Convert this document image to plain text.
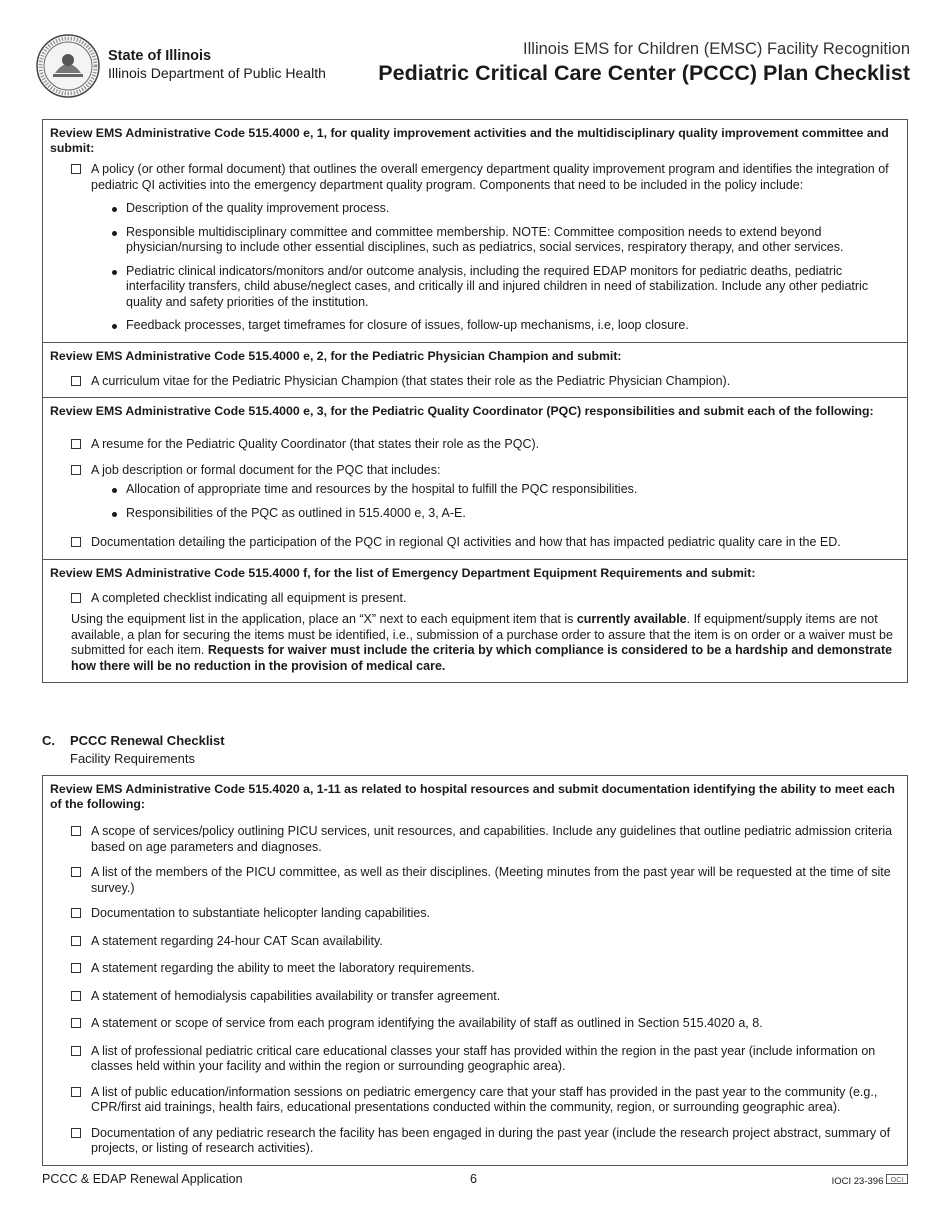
State of Illinois
Illinois Department of Public Health
Illinois EMS for Children (EMSC) Facility Recognition
Pediatric Critical Care Center (PCCC) Plan Checklist
Review EMS Administrative Code 515.4000 e, 1, for quality improvement activities and the multidisciplinary quality improvement committee and submit:
A policy (or other formal document) that outlines the overall emergency department quality improvement program and identifies the integration of pediatric QI activities into the emergency department quality program. Components that need to be included in the policy include:
Description of the quality improvement process.
Responsible multidisciplinary committee and committee membership. NOTE: Committee composition needs to extend beyond physician/nursing to include other essential disciplines, such as pediatrics, social services, respiratory therapy, and other services.
Pediatric clinical indicators/monitors and/or outcome analysis, including the required EDAP monitors for pediatric deaths, pediatric interfacility transfers, child abuse/neglect cases, and critically ill and injured children in need of stabilization. Include any other pediatric quality and safety priorities of the institution.
Feedback processes, target timeframes for closure of issues, follow-up mechanisms, i.e, loop closure.
Review EMS Administrative Code 515.4000 e, 2, for the Pediatric Physician Champion and submit:
A curriculum vitae for the Pediatric Physician Champion (that states their role as the Pediatric Physician Champion).
Review EMS Administrative Code 515.4000 e, 3, for the Pediatric Quality Coordinator (PQC) responsibilities and submit each of the following:
A resume for the Pediatric Quality Coordinator (that states their role as the PQC).
A job description or formal document for the PQC that includes:
Allocation of appropriate time and resources by the hospital to fulfill the PQC responsibilities.
Responsibilities of the PQC as outlined in 515.4000 e, 3, A-E.
Documentation detailing the participation of the PQC in regional QI activities and how that has impacted pediatric quality care in the ED.
Review EMS Administrative Code 515.4000 f, for the list of Emergency Department Equipment Requirements and submit:
A completed checklist indicating all equipment is present.
Using the equipment list in the application, place an “X” next to each equipment item that is currently available. If equipment/supply items are not available, a plan for securing the items must be identified, i.e., submission of a purchase order to assure that the item is on order or a waiver must be submitted for each item. Requests for waiver must include the criteria by which compliance is considered to be a hardship and demonstrate how there will be no reduction in the provision of medical care.
C. PCCC Renewal Checklist
Facility Requirements
Review EMS Administrative Code 515.4020 a, 1-11 as related to hospital resources and submit documentation identifying the ability to meet each of the following:
A scope of services/policy outlining PICU services, unit resources, and capabilities. Include any guidelines that outline pediatric admission criteria based on age parameters and diagnoses.
A list of the members of the PICU committee, as well as their disciplines. (Meeting minutes from the past year will be requested at the time of site survey.)
Documentation to substantiate helicopter landing capabilities.
A statement regarding 24-hour CAT Scan availability.
A statement regarding the ability to meet the laboratory requirements.
A statement of hemodialysis capabilities availability or transfer agreement.
A statement or scope of service from each program identifying the availability of staff as outlined in Section 515.4020 a, 8.
A list of professional pediatric critical care educational classes your staff has provided within the region in the past year (include information on classes held within your facility and within the region or surrounding geographic area).
A list of public education/information sessions on pediatric emergency care that your staff has provided in the past year to the community (e.g., CPR/first aid trainings, health fairs, educational presentations conducted within the community, region, or surrounding geographic area).
Documentation of any pediatric research the facility has been engaged in during the past year (include the research project abstract, summary of projects, or listing of research activities).
PCCC & EDAP Renewal Application	6	IOCI 23-396 OCI
